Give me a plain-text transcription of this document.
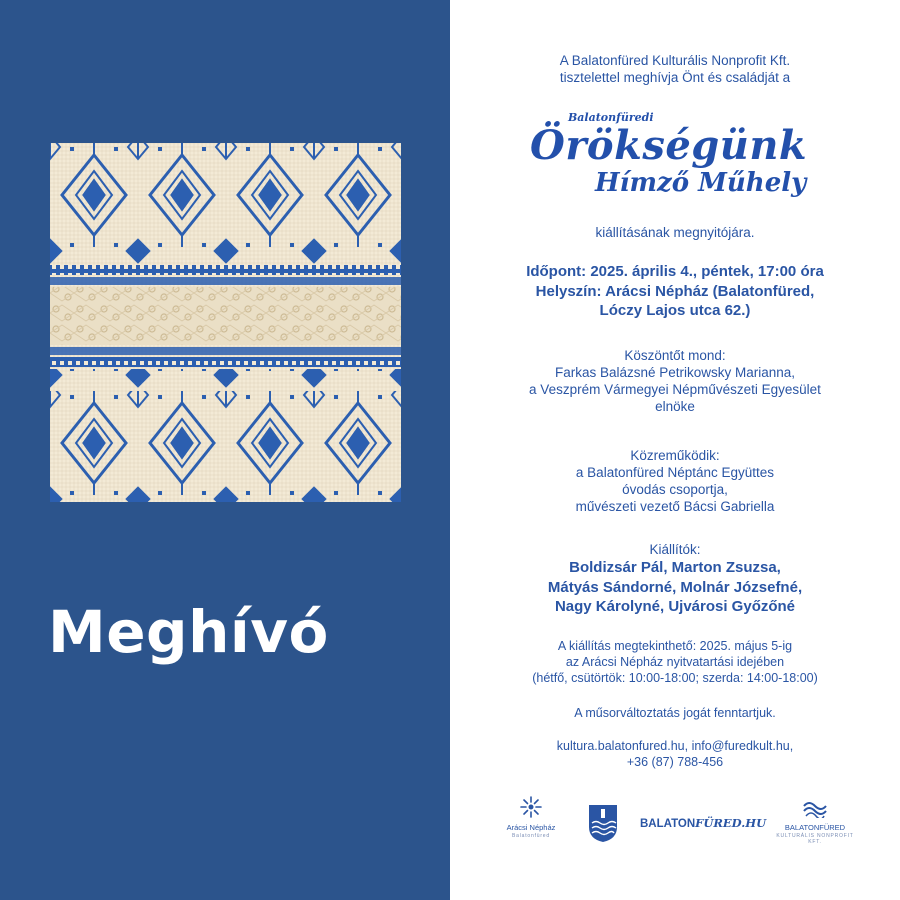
Meghívó
A Balatonfüred Kulturális Nonprofit Kft.
tisztelettel meghívja Önt és családját a
Balatonfüredi
Örökségünk
Hímző Műhely
kiállításának megnyitójára.
Időpont: 2025. április 4., péntek, 17:00 óra
Helyszín: Arácsi Népház (Balatonfüred,
Lóczy Lajos utca 62.)
Köszöntőt mond:
Farkas Balázsné Petrikowsky Marianna,
a Veszprém Vármegyei Népművészeti Egyesület
elnöke
Közreműködik:
a Balatonfüred Néptánc Együttes
óvodás csoportja,
művészeti vezető Bácsi Gabriella
Kiállítók:
Boldizsár Pál, Marton Zsuzsa,
Mátyás Sándorné, Molnár Józsefné,
Nagy Károlyné, Ujvárosi Győzőné
A kiállítás megtekinthető: 2025. május 5-ig
az Arácsi Népház nyitvatartási idejében
(hétfő, csütörtök: 10:00-18:00; szerda: 14:00-18:00)
A műsorváltoztatás jogát fenntartjuk.
kultura.balatonfured.hu, info@furedkult.hu,
+36 (87) 788-456
Arácsi Népház
Balatonfüred
BALATONFÜRED.HU	BALATONFÜRED
KULTURÁLIS NONPROFIT KFT.
